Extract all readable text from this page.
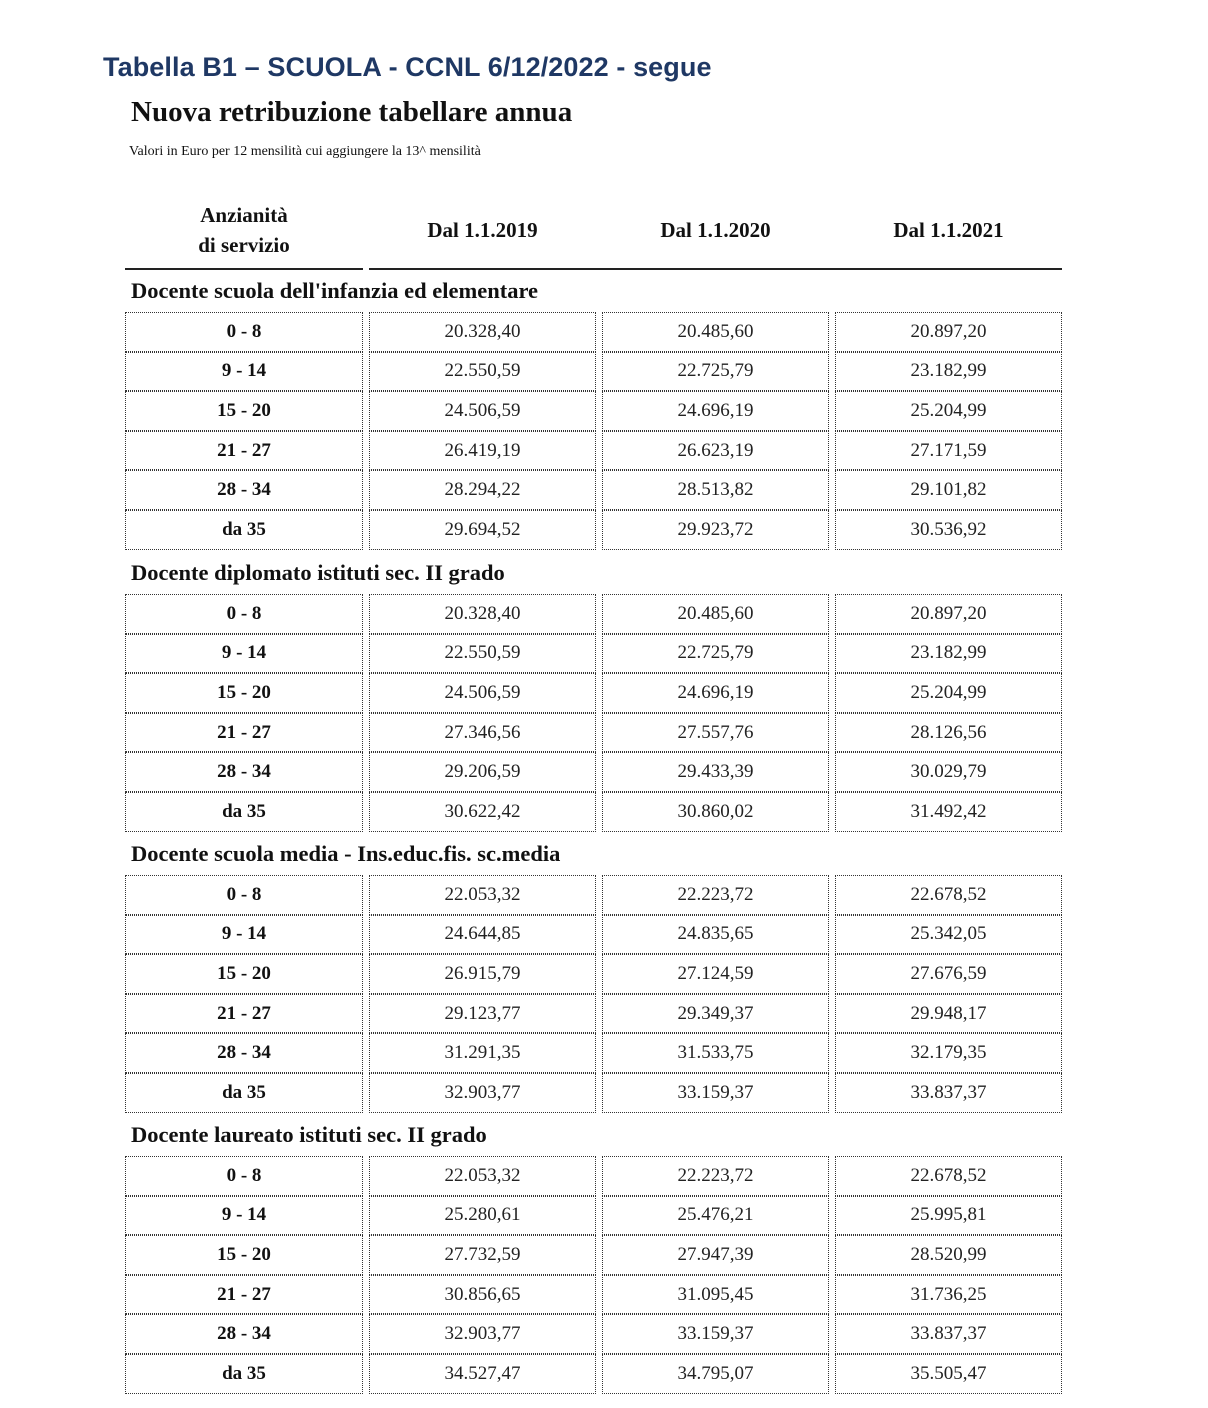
Tabella B1 – SCUOLA - CCNL 6/12/2022 - segue
Nuova retribuzione tabellare annua
Valori in Euro per 12 mensilità cui aggiungere la 13^ mensilità
Anzianità
di servizio
Dal 1.1.2019	Dal 1.1.2020	Dal 1.1.2021
Docente scuola dell'infanzia ed elementare
0 - 8	20.328,40	20.485,60	20.897,20
9 - 14	22.550,59	22.725,79	23.182,99
15 - 20	24.506,59	24.696,19	25.204,99
21 - 27	26.419,19	26.623,19	27.171,59
28 - 34	28.294,22	28.513,82	29.101,82
da 35	29.694,52	29.923,72	30.536,92
Docente diplomato istituti sec. II grado
0 - 8	20.328,40	20.485,60	20.897,20
9 - 14	22.550,59	22.725,79	23.182,99
15 - 20	24.506,59	24.696,19	25.204,99
21 - 27	27.346,56	27.557,76	28.126,56
28 - 34	29.206,59	29.433,39	30.029,79
da 35	30.622,42	30.860,02	31.492,42
Docente scuola media - Ins.educ.fis. sc.media
0 - 8	22.053,32	22.223,72	22.678,52
9 - 14	24.644,85	24.835,65	25.342,05
15 - 20	26.915,79	27.124,59	27.676,59
21 - 27	29.123,77	29.349,37	29.948,17
28 - 34	31.291,35	31.533,75	32.179,35
da 35	32.903,77	33.159,37	33.837,37
Docente laureato istituti sec. II grado
0 - 8	22.053,32	22.223,72	22.678,52
9 - 14	25.280,61	25.476,21	25.995,81
15 - 20	27.732,59	27.947,39	28.520,99
21 - 27	30.856,65	31.095,45	31.736,25
28 - 34	32.903,77	33.159,37	33.837,37
da 35	34.527,47	34.795,07	35.505,47
